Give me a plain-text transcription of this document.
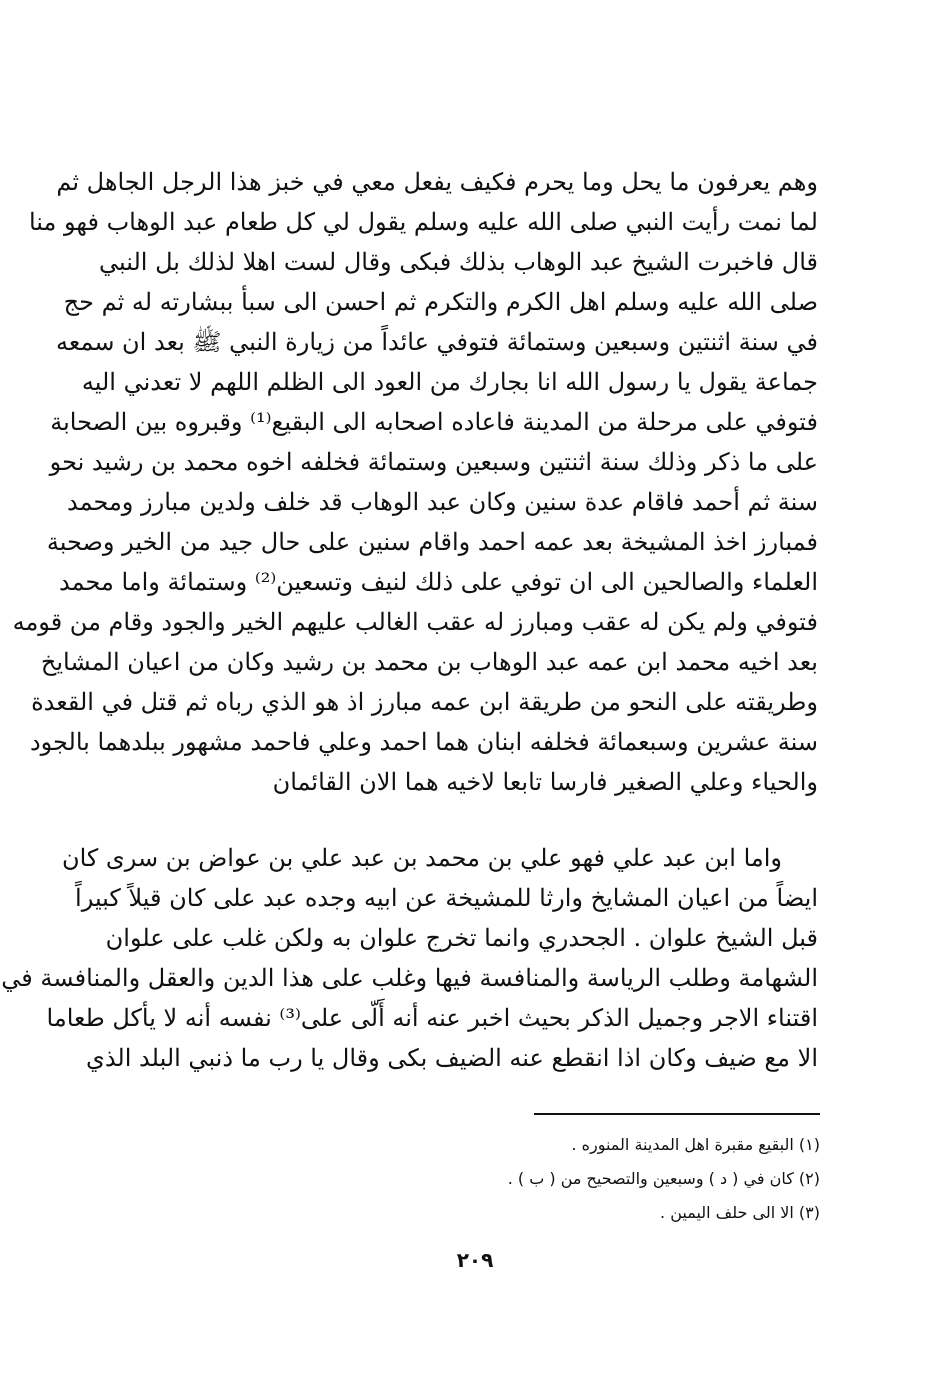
وهم يعرفون ما يحل وما يحرم فكيف يفعل معي في خبز هذا الرجل الجاهل ثم
لما نمت رأيت النبي صلى الله عليه وسلم يقول لي كل طعام عبد الوهاب فهو منا
قال فاخبرت الشيخ عبد الوهاب بذلك فبكى وقال لست اهلا لذلك بل النبي
صلى الله عليه وسلم اهل الكرم والتكرم ثم احسن الى سبأ ببشارته له ثم حج
في سنة اثنتين وسبعين وستمائة فتوفي عائداً من زيارة النبي ﷺ بعد ان سمعه
جماعة يقول يا رسول الله انا بجارك من العود الى الظلم اللهم لا تعدني اليه
فتوفي على مرحلة من المدينة فاعاده اصحابه الى البقيع⁽¹⁾ وقبروه بين الصحابة
على ما ذكر وذلك سنة اثنتين وسبعين وستمائة فخلفه اخوه محمد بن رشيد نحو
سنة ثم أحمد فاقام عدة سنين وكان عبد الوهاب قد خلف ولدين مبارز ومحمد
فمبارز اخذ المشيخة بعد عمه احمد واقام سنين على حال جيد من الخير وصحبة
العلماء والصالحين الى ان توفي على ذلك لنيف وتسعين⁽²⁾ وستمائة واما محمد
فتوفي ولم يكن له عقب ومبارز له عقب الغالب عليهم الخير والجود وقام من قومه
بعد اخيه محمد ابن عمه عبد الوهاب بن محمد بن رشيد وكان من اعيان المشايخ
وطريقته على النحو من طريقة ابن عمه مبارز اذ هو الذي رباه ثم قتل في القعدة
سنة عشرين وسبعمائة فخلفه ابنان هما احمد وعلي فاحمد مشهور ببلدهما بالجود
والحياء وعلي الصغير فارسا تابعا لاخيه هما الان القائمان
واما ابن عبد علي فهو علي بن محمد بن عبد علي بن عواض بن سرى كان
ايضاً من اعيان المشايخ وارثا للمشيخة عن ابيه وجده عبد على كان قيلاً كبيراً
قبل الشيخ علوان . الجحدري وانما تخرج علوان به ولكن غلب على علوان
الشهامة وطلب الرياسة والمنافسة فيها وغلب على هذا الدين والعقل والمنافسة في
اقتناء الاجر وجميل الذكر بحيث اخبر عنه أنه أَلّى على⁽³⁾ نفسه أنه لا يأكل طعاما
الا مع ضيف وكان اذا انقطع عنه الضيف بكى وقال يا رب ما ذنبي البلد الذي
(١) البقيع مقبرة اهل المدينة المنوره .
(٢) كان في ( د ) وسبعين والتصحيح من ( ب ) .
(٣) الا الى حلف اليمين .
٢٠٩
